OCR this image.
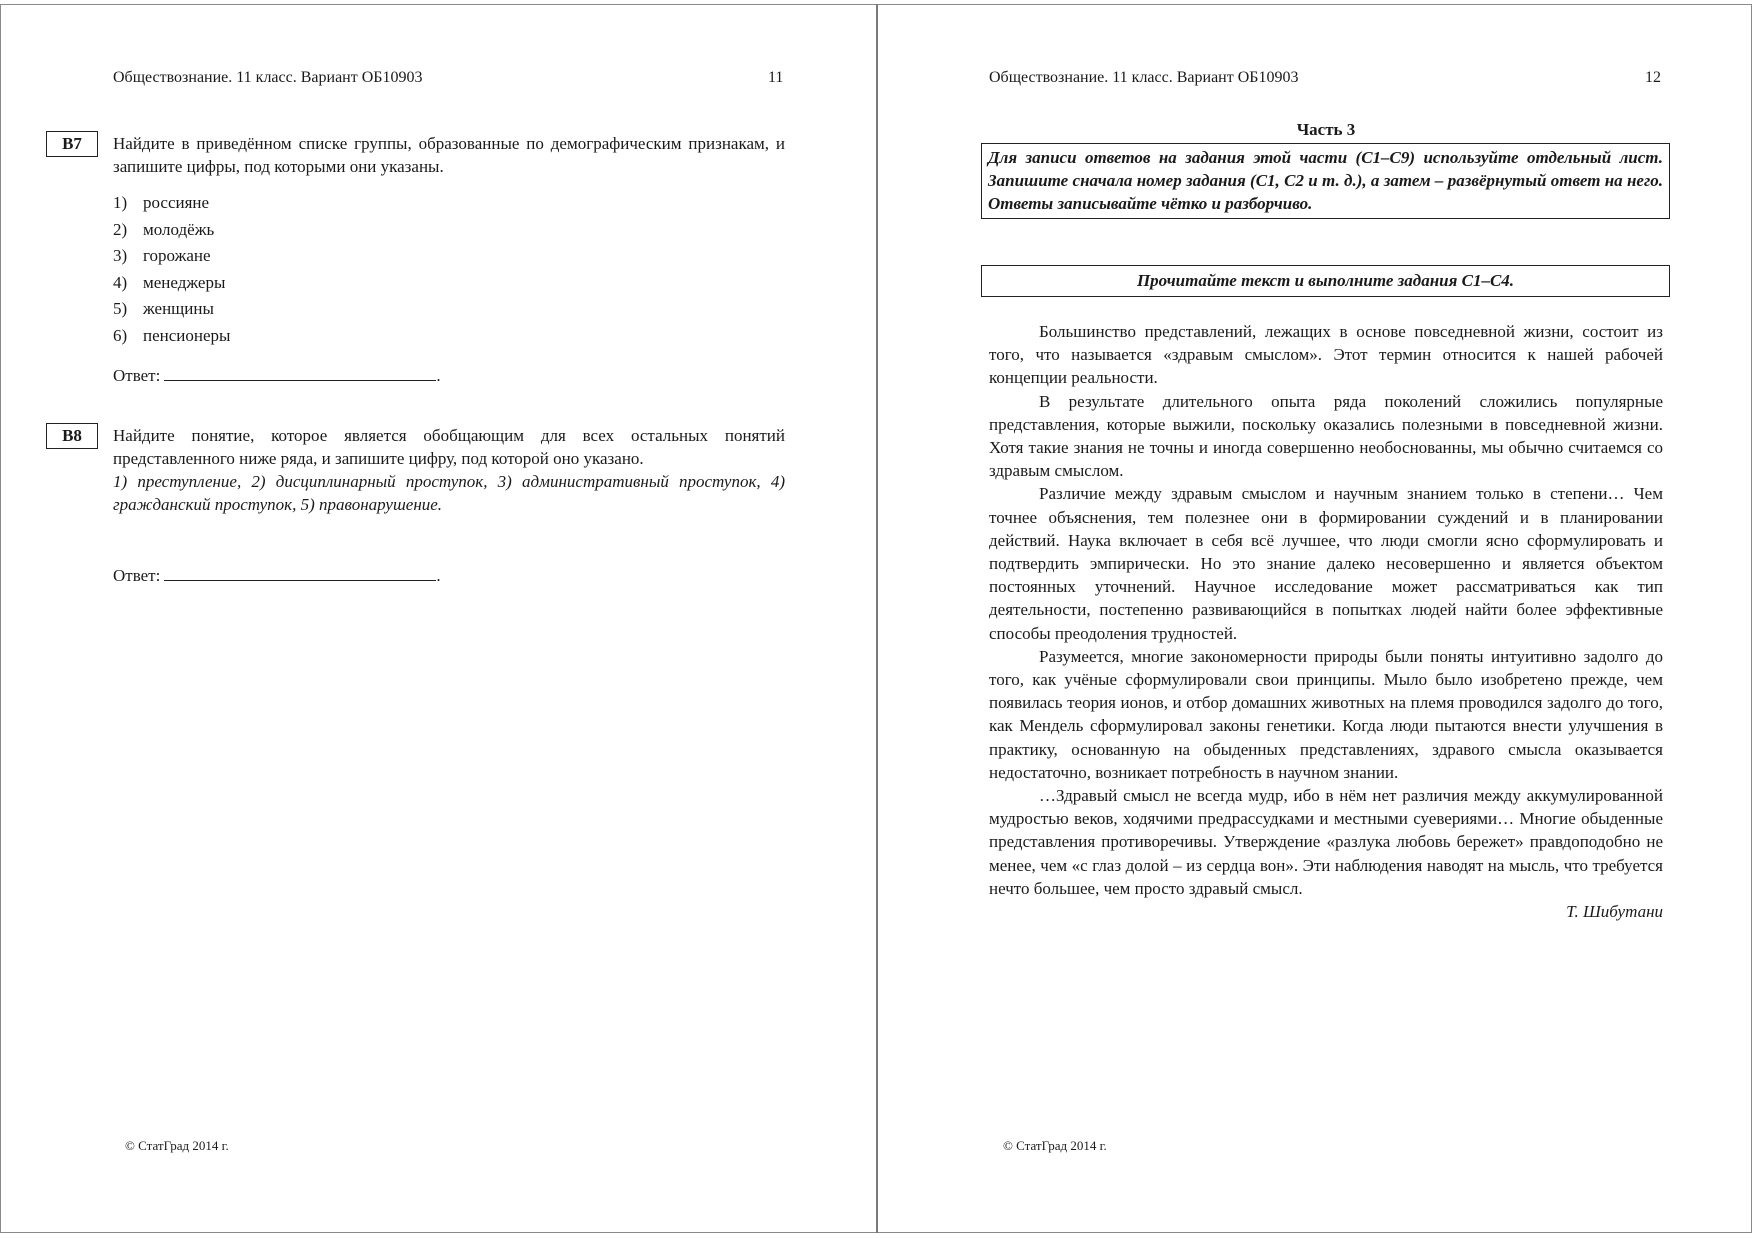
Обществознание. 11 класс. Вариант ОБ10903	11
B7	Найдите в приведённом списке группы, образованные по демографическим признакам, и запишите цифры, под которыми они указаны.

1) россияне
2) молодёжь
3) горожане
4) менеджеры
5) женщины
6) пенсионеры
Ответ:	.
B8	Найдите понятие, которое является обобщающим для всех остальных понятий представленного ниже ряда, и запишите цифру, под которой оно указано.

1) преступление, 2) дисциплинарный проступок, 3) административный проступок, 4) гражданский проступок, 5) правонарушение.

Ответ:	.
© СтатГрад 2014 г.
Обществознание. 11 класс. Вариант ОБ10903	12
Часть 3
Для записи ответов на задания этой части (С1–С9) используйте отдельный лист. Запишите сначала номер задания (С1, С2 и т. д.), а затем – развёрнутый ответ на него. Ответы записывайте чётко и разборчиво.
Прочитайте текст и выполните задания С1–С4.

Большинство представлений, лежащих в основе повседневной жизни, состоит из того, что называется «здравым смыслом». Этот термин относится к нашей рабочей концепции реальности.

В результате длительного опыта ряда поколений сложились популярные представления, которые выжили, поскольку оказались полезными в повседневной жизни. Хотя такие знания не точны и иногда совершенно необоснованны, мы обычно считаемся со здравым смыслом.

Различие между здравым смыслом и научным знанием только в степени… Чем точнее объяснения, тем полезнее они в формировании суждений и в планировании действий. Наука включает в себя всё лучшее, что люди смогли ясно сформулировать и подтвердить эмпирически. Но это знание далеко несовершенно и является объектом постоянных уточнений. Научное исследование может рассматриваться как тип деятельности, постепенно развивающийся в попытках людей найти более эффективные способы преодоления трудностей.

Разумеется, многие закономерности природы были поняты интуитивно задолго до того, как учёные сформулировали свои принципы. Мыло было изобретено прежде, чем появилась теория ионов, и отбор домашних животных на племя проводился задолго до того, как Мендель сформулировал законы генетики. Когда люди пытаются внести улучшения в практику, основанную на обыденных представлениях, здравого смысла оказывается недостаточно, возникает потребность в научном знании.

…Здравый смысл не всегда мудр, ибо в нём нет различия между аккумулированной мудростью веков, ходячими предрассудками и местными суевериями… Многие обыденные представления противоречивы. Утверждение «разлука любовь бережет» правдоподобно не менее, чем «с глаз долой – из сердца вон». Эти наблюдения наводят на мысль, что требуется нечто большее, чем просто здравый смысл.

Т. Шибутани

© СтатГрад 2014 г.
